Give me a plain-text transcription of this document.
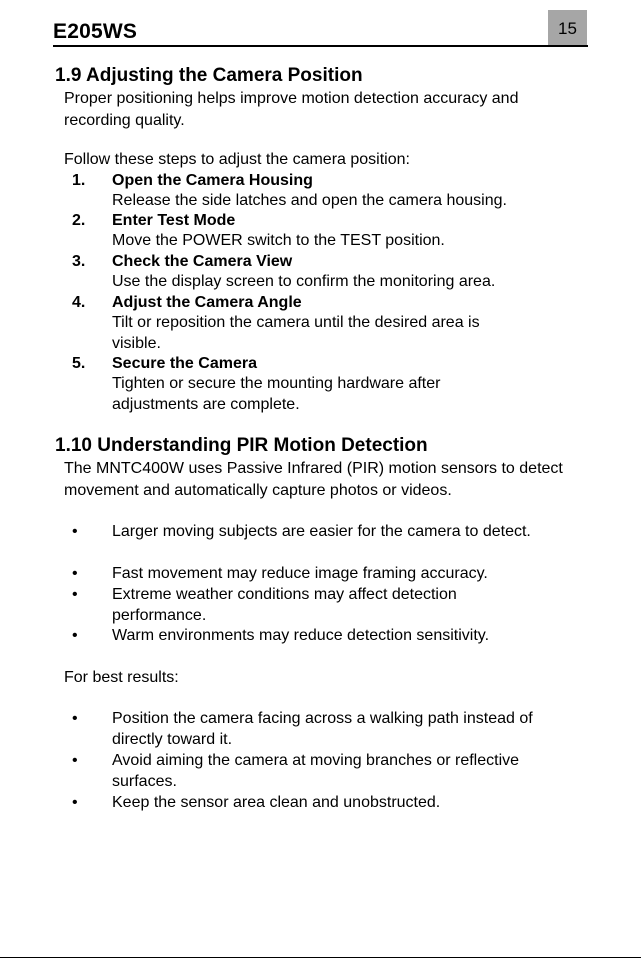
E205WS	15
1.9 Adjusting the Camera Position
Proper positioning helps improve motion detection accuracy and recording quality.
Follow these steps to adjust the camera position:
1. Open the Camera Housing
Release the side latches and open the camera housing.
2. Enter Test Mode
Move the POWER switch to the TEST position.
3. Check the Camera View
Use the display screen to confirm the monitoring area.
4. Adjust the Camera Angle
Tilt or reposition the camera until the desired area is visible.
5. Secure the Camera
Tighten or secure the mounting hardware after adjustments are complete.
1.10 Understanding PIR Motion Detection
The MNTC400W uses Passive Infrared (PIR) motion sensors to detect movement and automatically capture photos or videos.
• Larger moving subjects are easier for the camera to detect.
• Fast movement may reduce image framing accuracy.
• Extreme weather conditions may affect detection performance.
• Warm environments may reduce detection sensitivity.
For best results:
• Position the camera facing across a walking path instead of directly toward it.
• Avoid aiming the camera at moving branches or reflective surfaces.
• Keep the sensor area clean and unobstructed.
